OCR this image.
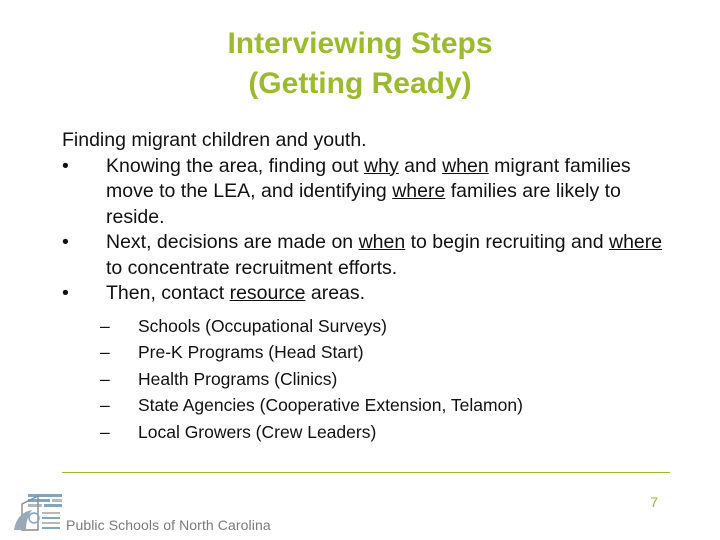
Interviewing Steps
(Getting Ready)

Finding migrant children and youth.

•	Knowing the area, finding out why and when migrant families move to the LEA, and identifying where families are likely to reside.

•	Next, decisions are made on when to begin recruiting and where to concentrate recruitment efforts.

•	Then, contact resource areas.

– Schools (Occupational Surveys)

– Pre-K Programs (Head Start)

– Health Programs (Clinics)

– State Agencies (Cooperative Extension, Telamon)

– Local Growers (Crew Leaders)

7
Public Schools of North Carolina
